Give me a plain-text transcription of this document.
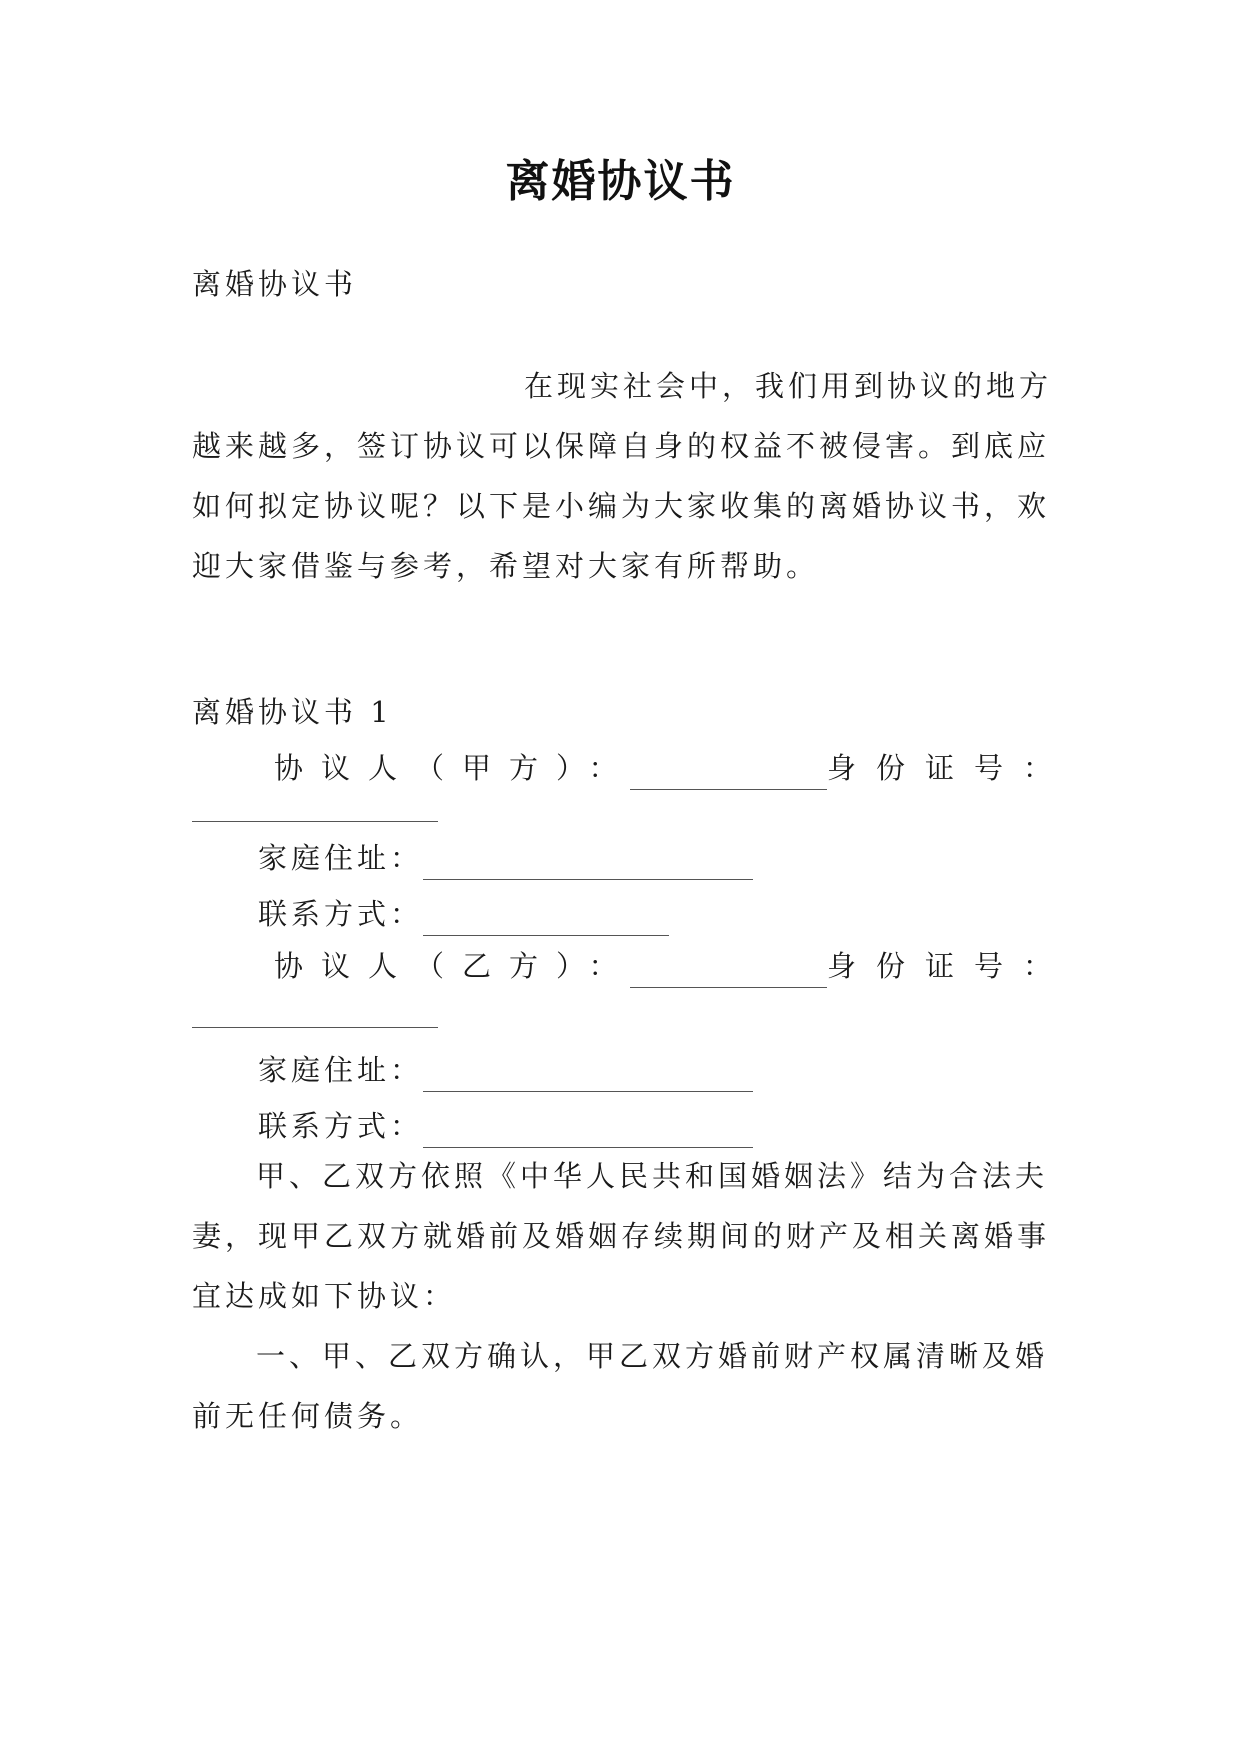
离婚协议书
离婚协议书
在现实社会中，我们用到协议的地方
越来越多，签订协议可以保障自身的权益不被侵害。到底应如何拟定协议呢？以下是小编为大家收集的离婚协议书，欢迎大家借鉴与参考，希望对大家有所帮助。
离婚协议书 1
协议人（甲方）：	身份证号：
家庭住址：
联系方式：
协议人（乙方）：	身份证号：
家庭住址：
联系方式：
甲、乙双方依照《中华人民共和国婚姻法》结为合法夫妻，现甲乙双方就婚前及婚姻存续期间的财产及相关离婚事宜达成如下协议：
一、甲、乙双方确认，甲乙双方婚前财产权属清晰及婚前无任何债务。
